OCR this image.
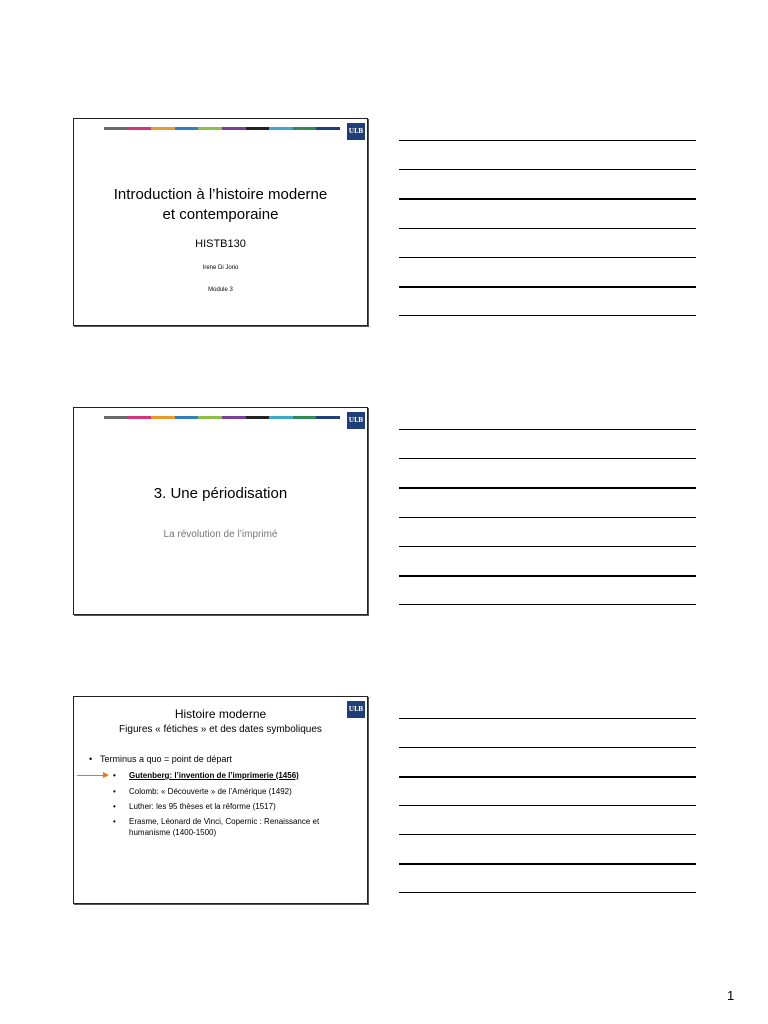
ULB
Introduction à l’histoire moderne
et contemporaine
HISTB130
Irene Di Jorio
Module 3
ULB
3. Une périodisation
La révolution de l’imprimé
ULB
Histoire moderne
Figures « fétiches » et des dates symboliques
• Terminus a quo = point de départ
• Gutenberg: l’invention de l’imprimerie (1456)
• Colomb: « Découverte » de l’Amérique (1492)
• Luther: les 95 thèses et la réforme (1517)
• Erasme, Léonard de Vinci, Copernic : Renaissance et
humanisme (1400-1500)
1
